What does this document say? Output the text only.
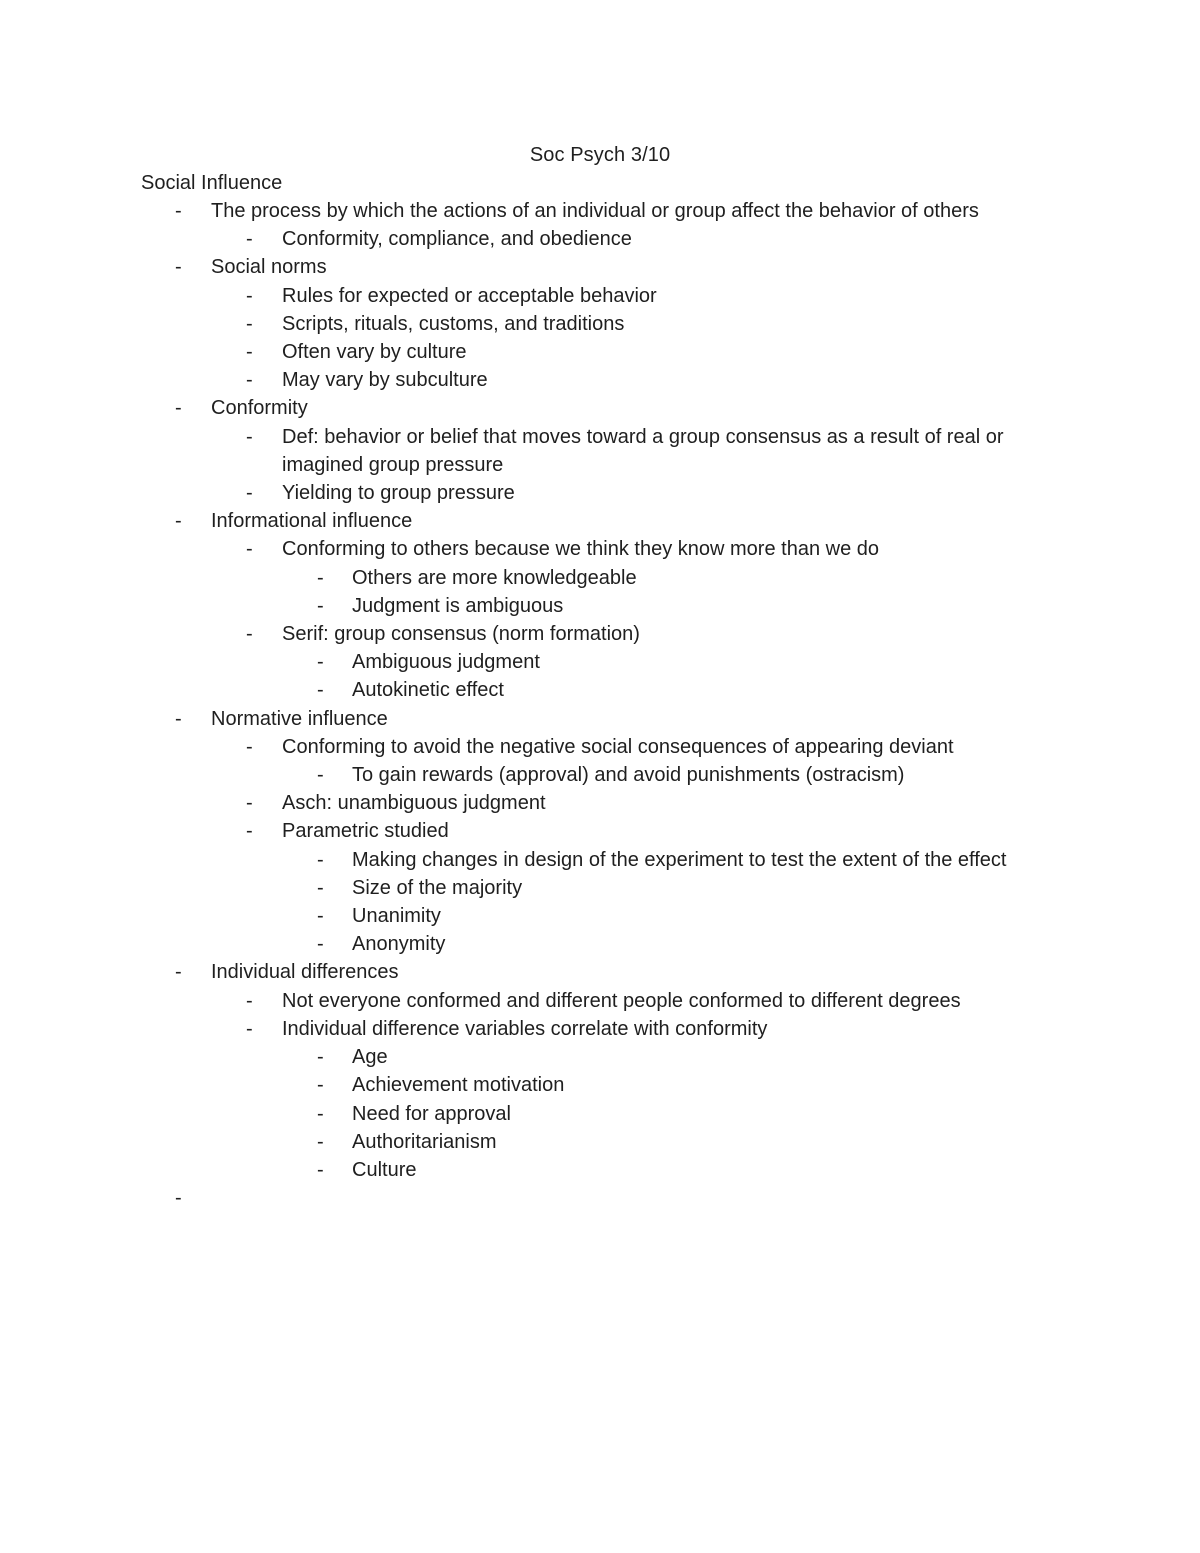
Soc Psych 3/10
Social Influence
- The process by which the actions of an individual or group affect the behavior of others
- Conformity, compliance, and obedience
- Social norms
- Rules for expected or acceptable behavior
- Scripts, rituals, customs, and traditions
- Often vary by culture
- May vary by subculture
- Conformity
- Def: behavior or belief that moves toward a group consensus as a result of real or imagined group pressure
- Yielding to group pressure
- Informational influence
- Conforming to others because we think they know more than we do
- Others are more knowledgeable
- Judgment is ambiguous
- Serif: group consensus (norm formation)
- Ambiguous judgment
- Autokinetic effect
- Normative influence
- Conforming to avoid the negative social consequences of appearing deviant
- To gain rewards (approval) and avoid punishments (ostracism)
- Asch: unambiguous judgment
- Parametric studied
- Making changes in design of the experiment to test the extent of the effect
- Size of the majority
- Unanimity
- Anonymity
- Individual differences
- Not everyone conformed and different people conformed to different degrees
- Individual difference variables correlate with conformity
- Age
- Achievement motivation
- Need for approval
- Authoritarianism
- Culture
-
